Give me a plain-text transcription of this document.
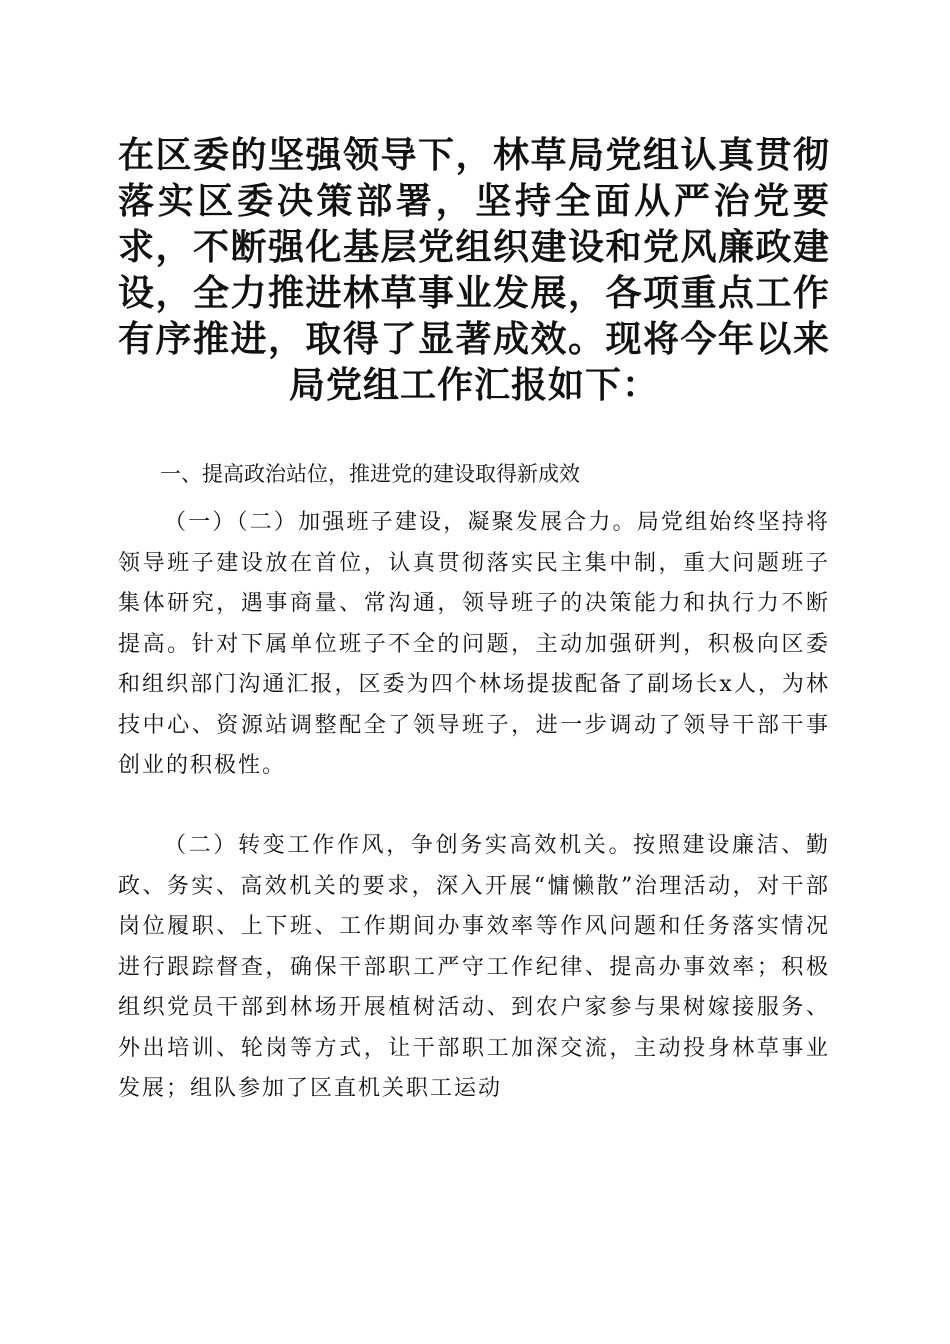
在区委的坚强领导下，林草局党组认真贯彻落实区委决策部署，坚持全面从严治党要求，不断强化基层党组织建设和党风廉政建设，全力推进林草事业发展，各项重点工作有序推进，取得了显著成效。现将今年以来局党组工作汇报如下：

一、提高政治站位，推进党的建设取得新成效

（一）（二）加强班子建设，凝聚发展合力。局党组始终坚持将领导班子建设放在首位，认真贯彻落实民主集中制，重大问题班子集体研究，遇事商量、常沟通，领导班子的决策能力和执行力不断提高。针对下属单位班子不全的问题，主动加强研判，积极向区委和组织部门沟通汇报，区委为四个林场提拔配备了副场长x人，为林技中心、资源站调整配全了领导班子，进一步调动了领导干部干事创业的积极性。

（二）转变工作作风，争创务实高效机关。按照建设廉洁、勤政、务实、高效机关的要求，深入开展“慵懒散”治理活动，对干部岗位履职、上下班、工作期间办事效率等作风问题和任务落实情况进行跟踪督查，确保干部职工严守工作纪律、提高办事效率；积极组织党员干部到林场开展植树活动、到农户家参与果树嫁接服务、外出培训、轮岗等方式，让干部职工加深交流，主动投身林草事业发展；组队参加了区直机关职工运动
